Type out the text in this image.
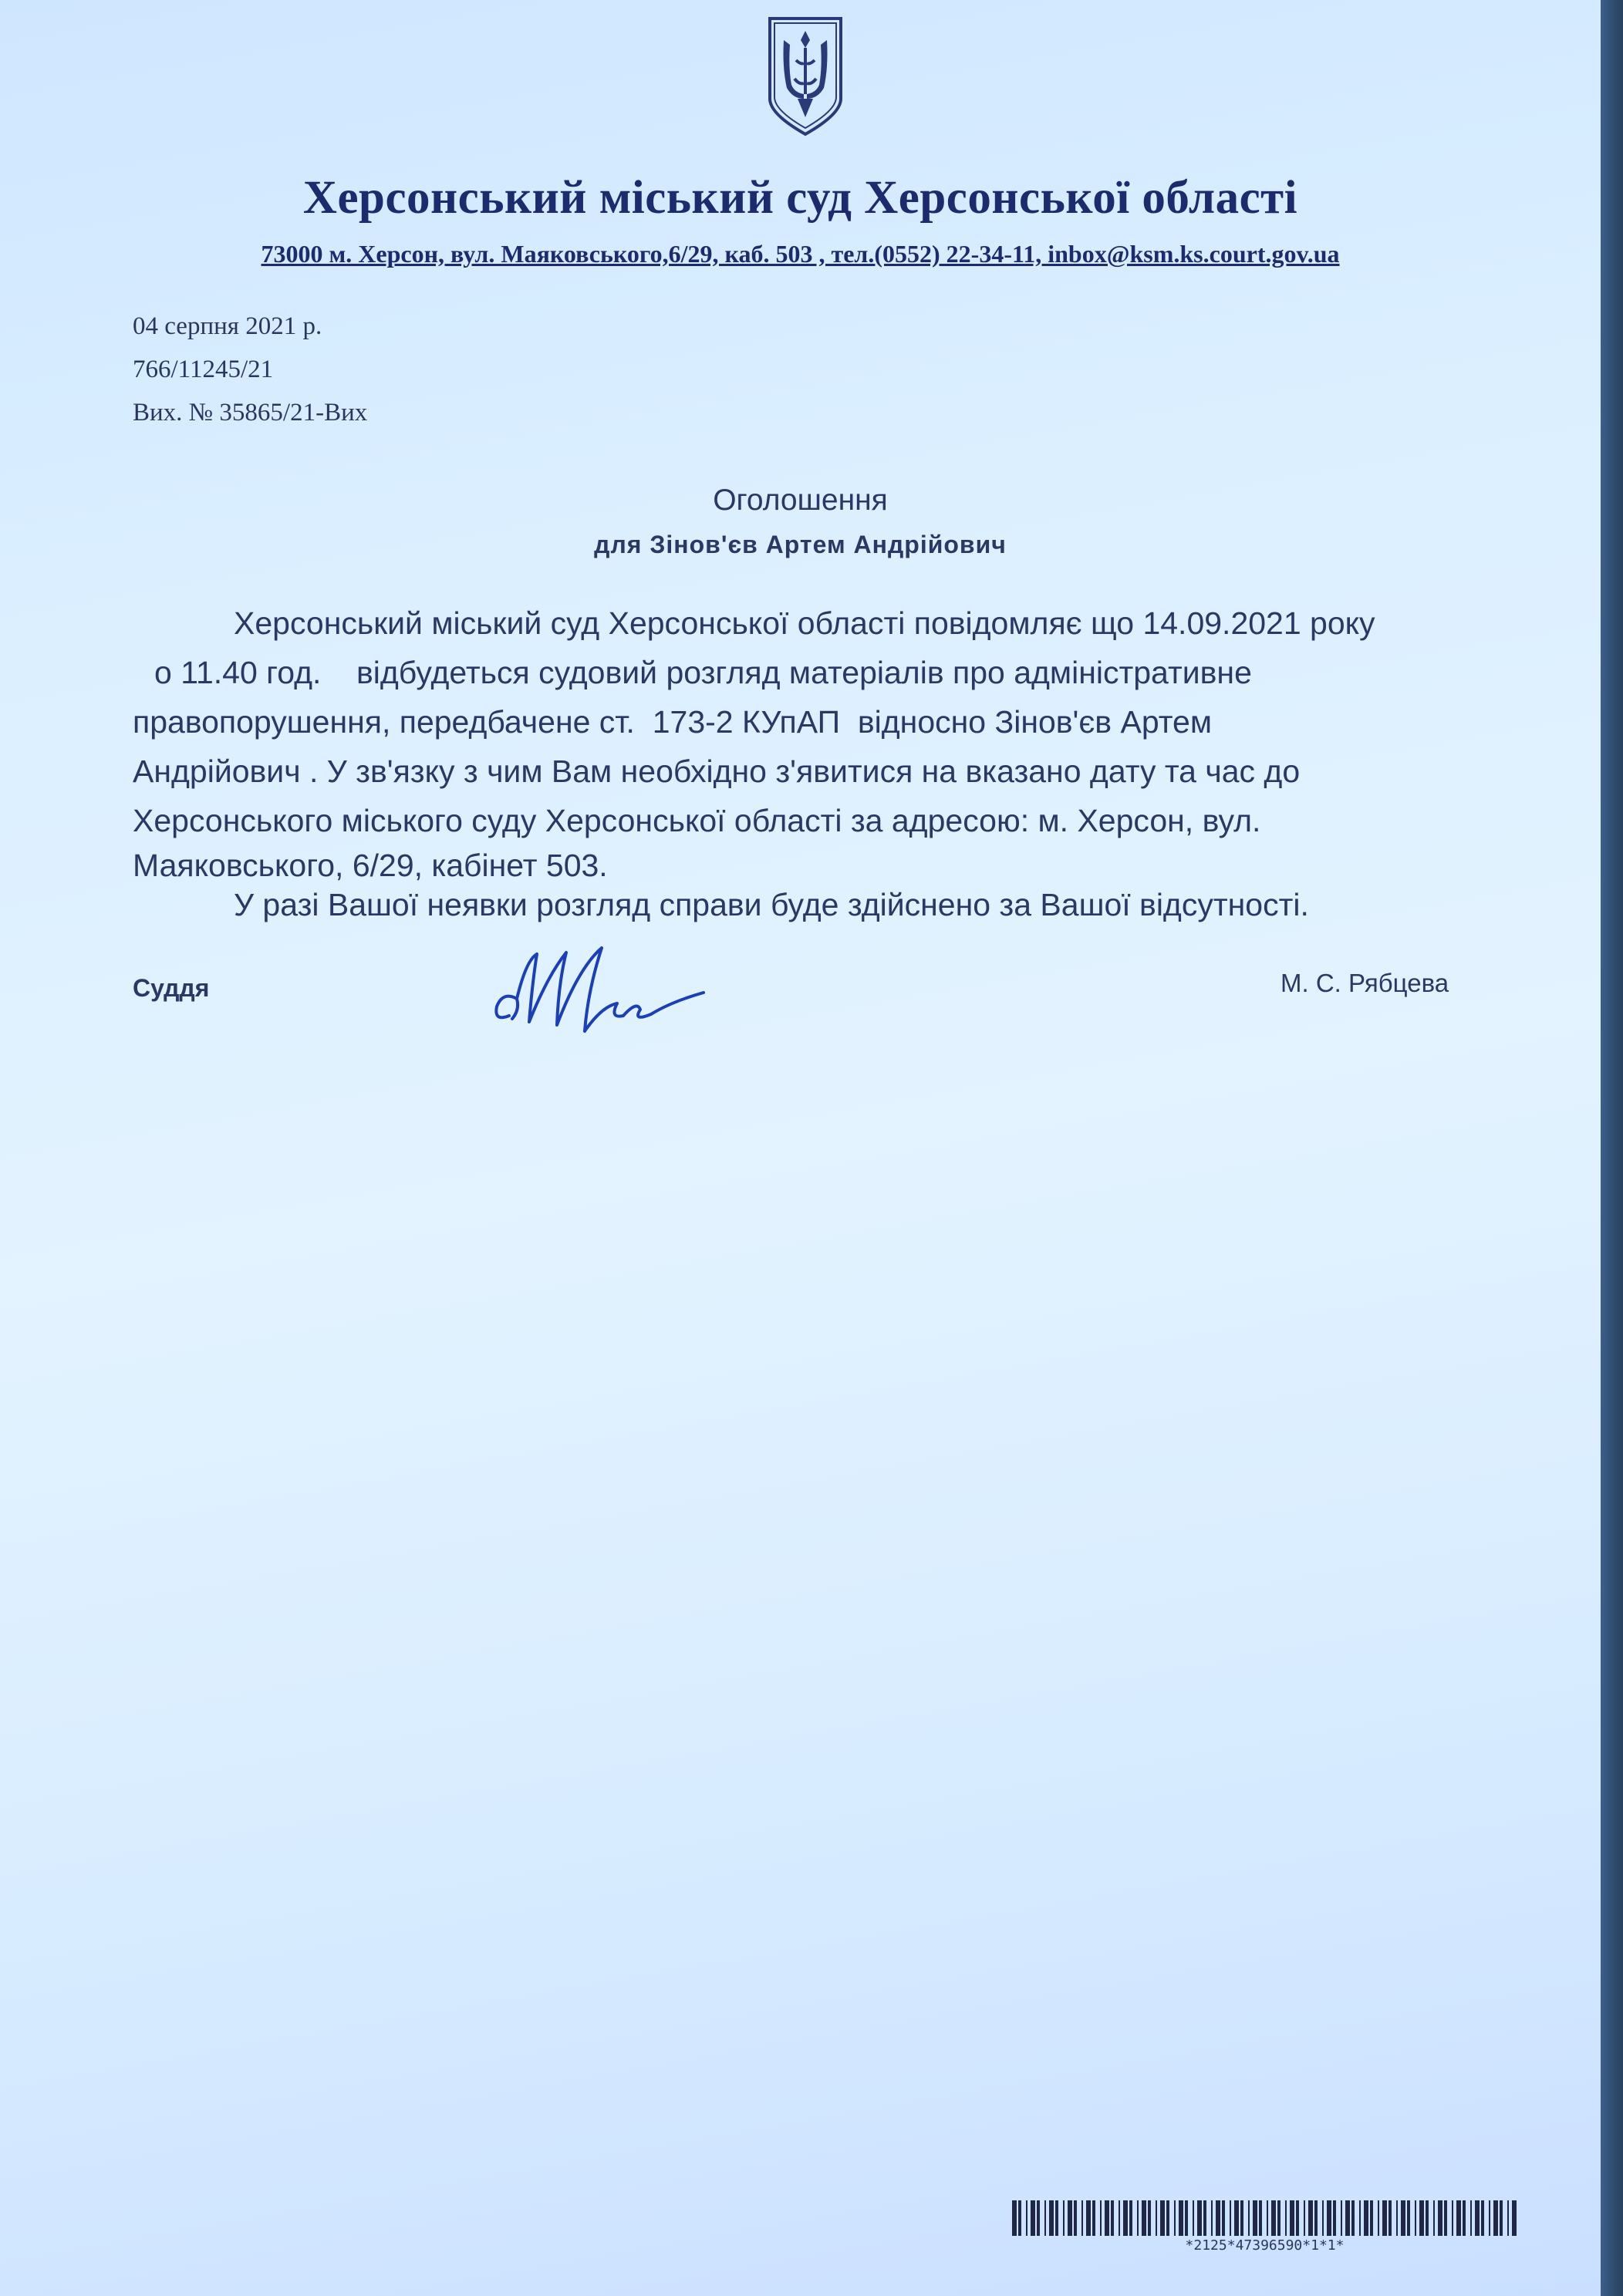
Херсонський міський суд Херсонської області
73000 м. Херсон, вул. Маяковського,6/29, каб. 503 , тел.(0552) 22-34-11, inbox@ksm.ks.court.gov.ua
04 серпня 2021 р.
766/11245/21
Вих. № 35865/21-Вих
Оголошення
для Зінов'єв Артем Андрійович
Херсонський міський суд Херсонської області повідомляє що 14.09.2021 року
о 11.40 год.    відбудеться судовий розгляд матеріалів про адміністративне
правопорушення, передбачене ст.  173-2 КУпАП  відносно Зінов'єв Артем
Андрійович . У зв'язку з чим Вам необхідно з'явитися на вказано дату та час до
Херсонського міського суду Херсонської області за адресою: м. Херсон, вул.
Маяковського, 6/29, кабінет 503.
У разі Вашої неявки розгляд справи буде здійснено за Вашої відсутності.
Суддя	М. С. Рябцева
*2125*47396590*1*1*
